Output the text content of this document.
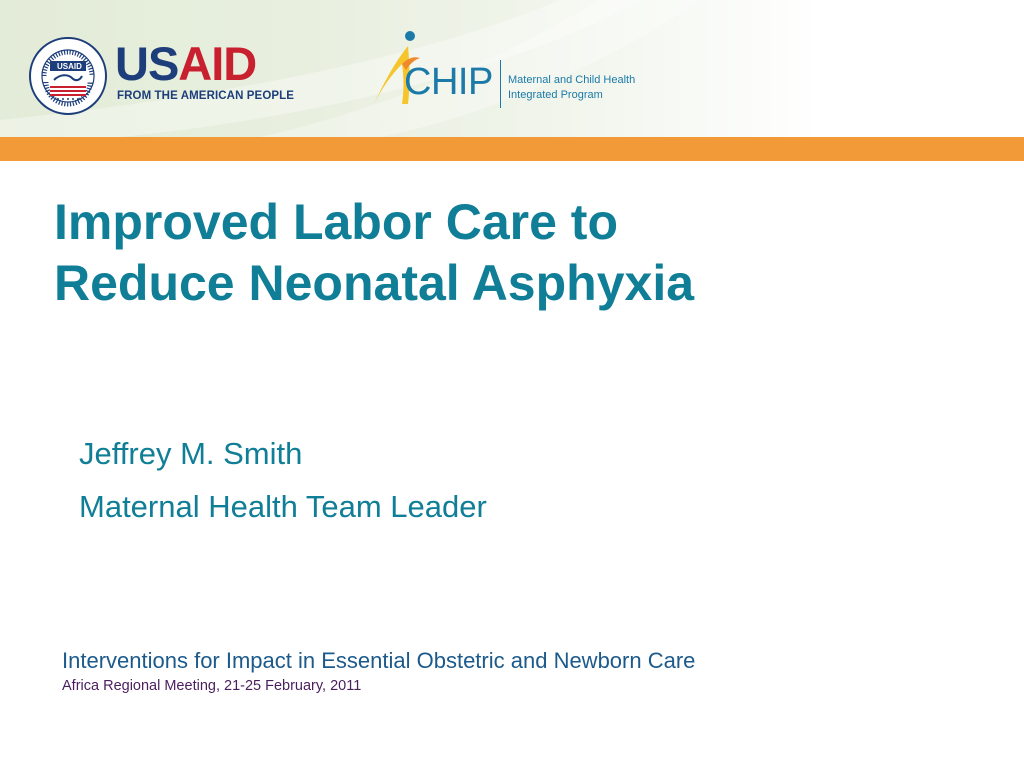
USAID USAID
FROM THE AMERICAN PEOPLE	CHIP Maternal and Child Health
Integrated Program
Improved Labor Care to
Reduce Neonatal Asphyxia
Jeffrey M. Smith
Maternal Health Team Leader
Interventions for Impact in Essential Obstetric and Newborn Care
Africa Regional Meeting, 21-25 February, 2011
